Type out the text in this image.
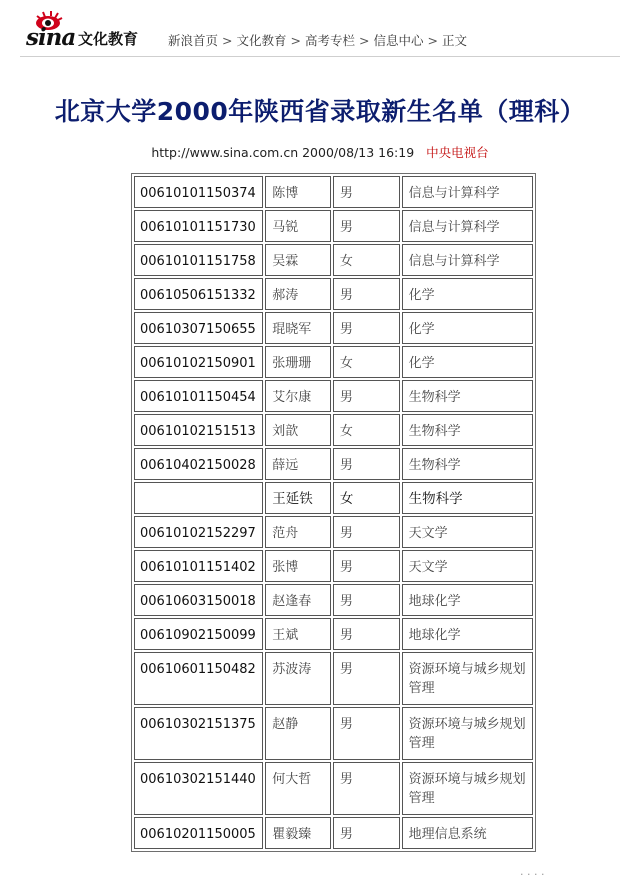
sina 文化教育 新浪首页 > 文化教育 > 高考专栏 > 信息中心 > 正文
北京大学2000年陕西省录取新生名单（理科）
http://www.sina.com.cn 2000/08/13 16:19 中央电视台
00610101150374	陈博	男	信息与计算科学
00610101151730	马锐	男	信息与计算科学
00610101151758	吴霖	女	信息与计算科学
00610506151332	郝涛	男	化学
00610307150655	琨晓军	男	化学
00610102150901	张珊珊	女	化学
00610101150454	艾尔康	男	生物科学
00610102151513	刘歆	女	生物科学
00610402150028	薛远	男	生物科学
	王延铁	女	生物科学
00610102152297	范舟	男	天文学
00610101151402	张博	男	天文学
00610603150018	赵逢春	男	地球化学
00610902150099	王斌	男	地球化学
00610601150482	苏波涛	男	资源环境与城乡规划管理
00610302151375	赵静	男	资源环境与城乡规划管理
00610302151440	何大哲	男	资源环境与城乡规划管理
00610201150005	瞿毅臻	男	地理信息系统
· · · ·
